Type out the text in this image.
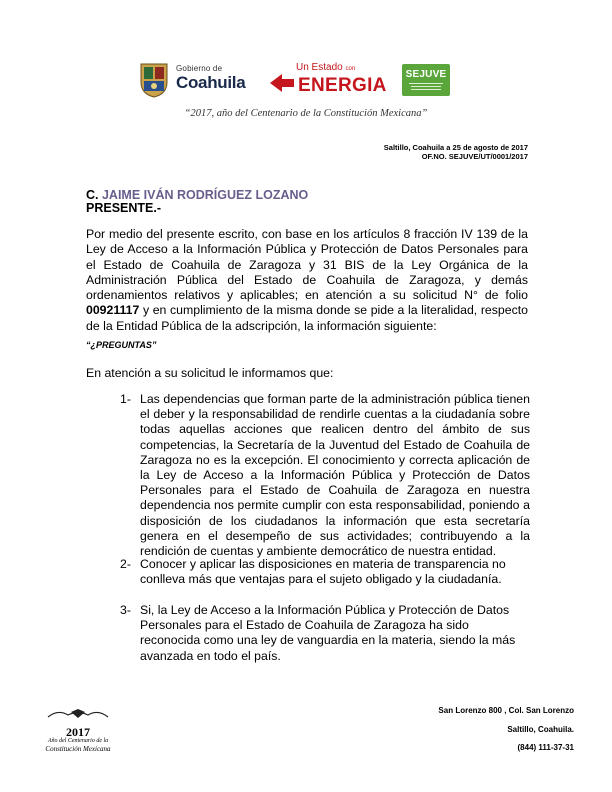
Gobierno de
Coahuila
Un Estado con
ENERGIA
SEJUVE
“2017, año del Centenario de la Constitución Mexicana”
Saltillo, Coahuila a 25 de agosto de 2017
OF.NO. SEJUVE/UT/0001/2017
C. JAIME IVÁN RODRÍGUEZ LOZANO
PRESENTE.-
Por medio del presente escrito, con base en los artículos 8 fracción IV 139 de la Ley de Acceso a la Información Pública y Protección de Datos Personales para el Estado de Coahuila de Zaragoza y 31 BIS de la Ley Orgánica de la Administración Pública del Estado de Coahuila de Zaragoza, y demás ordenamientos relativos y aplicables; en atención a su solicitud N° de folio 00921117 y en cumplimiento de la misma donde se pide a la literalidad, respecto de la Entidad Pública de la adscripción, la información siguiente:
“¿PREGUNTAS”
En atención a su solicitud le informamos que:
1- Las dependencias que forman parte de la administración pública tienen el deber y la responsabilidad de rendirle cuentas a la ciudadanía sobre todas aquellas acciones que realicen dentro del ámbito de sus competencias, la Secretaría de la Juventud del Estado de Coahuila de Zaragoza no es la excepción. El conocimiento y correcta aplicación de la Ley de Acceso a la Información Pública y Protección de Datos Personales para el Estado de Coahuila de Zaragoza en nuestra dependencia nos permite cumplir con esta responsabilidad, poniendo a disposición de los ciudadanos la información que esta secretaría genera en el desempeño de sus actividades; contribuyendo a la rendición de cuentas y ambiente democrático de nuestra entidad.
2- Conocer y aplicar las disposiciones en materia de transparencia no conlleva más que ventajas para el sujeto obligado y la ciudadanía.
3- Si, la Ley de Acceso a la Información Pública y Protección de Datos Personales para el Estado de Coahuila de Zaragoza ha sido reconocida como una ley de vanguardia en la materia, siendo la más avanzada en todo el país.
2017
Año del Centenario de la
Constitución Mexicana
San Lorenzo 800 , Col. San Lorenzo
Saltillo, Coahuila.
(844) 111-37-31
